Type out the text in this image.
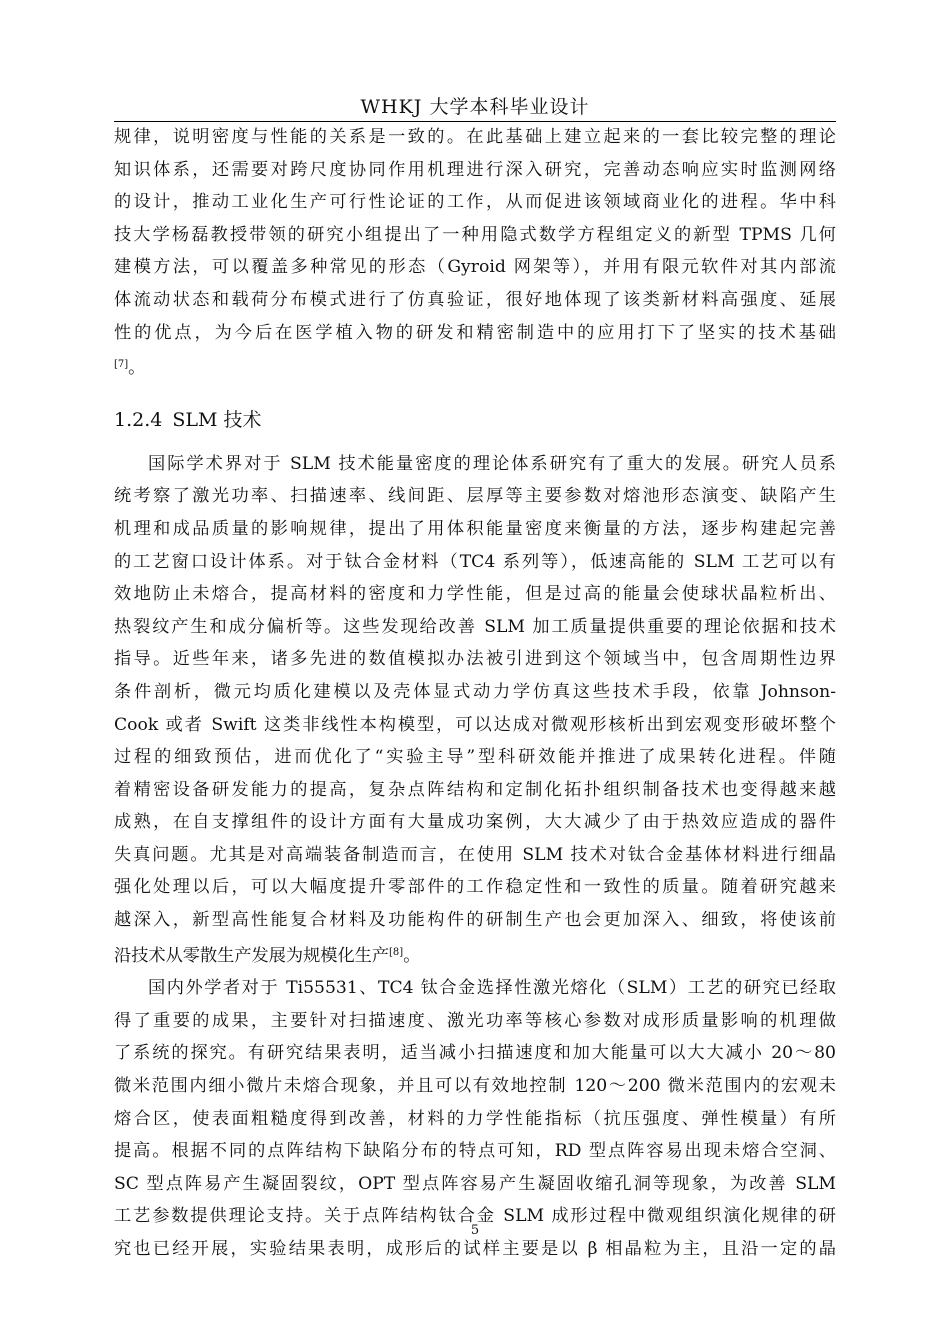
WHKJ 大学本科毕业设计

规律，说明密度与性能的关系是一致的。在此基础上建立起来的一套比较完整的理论
知识体系，还需要对跨尺度协同作用机理进行深入研究，完善动态响应实时监测网络
的设计，推动工业化生产可行性论证的工作，从而促进该领域商业化的进程。华中科
技大学杨磊教授带领的研究小组提出了一种用隐式数学方程组定义的新型 TPMS 几何
建模方法，可以覆盖多种常见的形态（Gyroid 网架等），并用有限元软件对其内部流
体流动状态和载荷分布模式进行了仿真验证，很好地体现了该类新材料高强度、延展
性的优点，为今后在医学植入物的研发和精密制造中的应用打下了坚实的技术基础
[7]。

1.2.4 SLM 技术

国际学术界对于 SLM 技术能量密度的理论体系研究有了重大的发展。研究人员系
统考察了激光功率、扫描速率、线间距、层厚等主要参数对熔池形态演变、缺陷产生
机理和成品质量的影响规律，提出了用体积能量密度来衡量的方法，逐步构建起完善
的工艺窗口设计体系。对于钛合金材料（TC4 系列等），低速高能的 SLM 工艺可以有
效地防止未熔合，提高材料的密度和力学性能，但是过高的能量会使球状晶粒析出、
热裂纹产生和成分偏析等。这些发现给改善 SLM 加工质量提供重要的理论依据和技术
指导。近些年来，诸多先进的数值模拟办法被引进到这个领域当中，包含周期性边界
条件剖析，微元均质化建模以及壳体显式动力学仿真这些技术手段，依靠 Johnson-
Cook 或者 Swift 这类非线性本构模型，可以达成对微观形核析出到宏观变形破坏整个
过程的细致预估，进而优化了“实验主导”型科研效能并推进了成果转化进程。伴随
着精密设备研发能力的提高，复杂点阵结构和定制化拓扑组织制备技术也变得越来越
成熟，在自支撑组件的设计方面有大量成功案例，大大减少了由于热效应造成的器件
失真问题。尤其是对高端装备制造而言，在使用 SLM 技术对钛合金基体材料进行细晶
强化处理以后，可以大幅度提升零部件的工作稳定性和一致性的质量。随着研究越来
越深入，新型高性能复合材料及功能构件的研制生产也会更加深入、细致，将使该前
沿技术从零散生产发展为规模化生产[8]。

国内外学者对于 Ti55531、TC4 钛合金选择性激光熔化（SLM）工艺的研究已经取
得了重要的成果，主要针对扫描速度、激光功率等核心参数对成形质量影响的机理做
了系统的探究。有研究结果表明，适当减小扫描速度和加大能量可以大大减小 20～80
微米范围内细小微片未熔合现象，并且可以有效地控制 120～200 微米范围内的宏观未
熔合区，使表面粗糙度得到改善，材料的力学性能指标（抗压强度、弹性模量）有所
提高。根据不同的点阵结构下缺陷分布的特点可知，RD 型点阵容易出现未熔合空洞、
SC 型点阵易产生凝固裂纹，OPT 型点阵容易产生凝固收缩孔洞等现象，为改善 SLM
工艺参数提供理论支持。关于点阵结构钛合金 SLM 成形过程中微观组织演化规律的研
究也已经开展，实验结果表明，成形后的试样主要是以 β 相晶粒为主，且沿一定的晶

5
